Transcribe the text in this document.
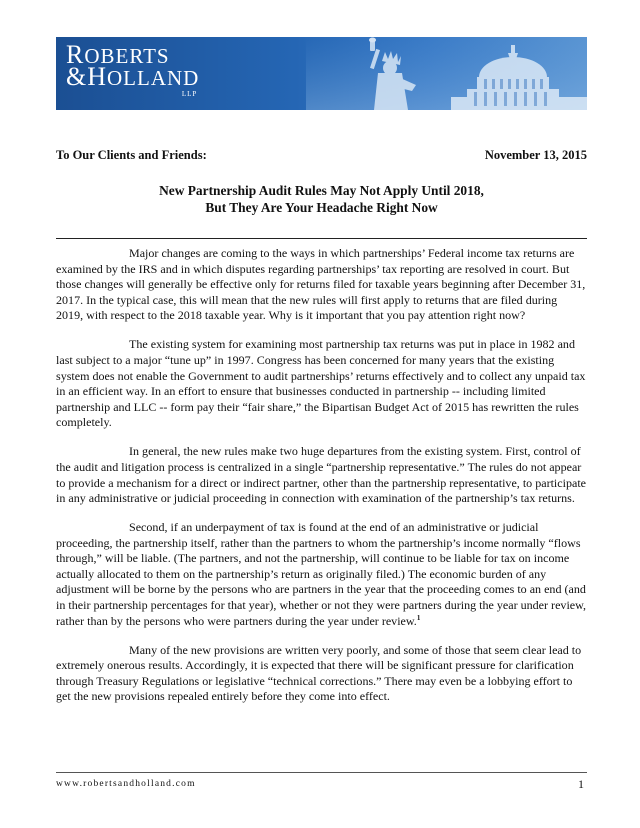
ROBERTS
&HOLLAND
LLP
To Our Clients and Friends:	November 13, 2015
New Partnership Audit Rules May Not Apply Until 2018,
But They Are Your Headache Right Now

Major changes are coming to the ways in which partnerships’ Federal income tax returns are examined by the IRS and in which disputes regarding partnerships’ tax reporting are resolved in court. But those changes will generally be effective only for returns filed for taxable years beginning after December 31, 2017. In the typical case, this will mean that the new rules will first apply to returns that are filed during 2019, with respect to the 2018 taxable year. Why is it important that you pay attention right now?

The existing system for examining most partnership tax returns was put in place in 1982 and last subject to a major “tune up” in 1997. Congress has been concerned for many years that the existing system does not enable the Government to audit partnerships’ returns effectively and to collect any unpaid tax in an efficient way. In an effort to ensure that businesses conducted in partnership -- including limited partnership and LLC -- form pay their “fair share,” the Bipartisan Budget Act of 2015 has rewritten the rules completely.

In general, the new rules make two huge departures from the existing system. First, control of the audit and litigation process is centralized in a single “partnership representative.” The rules do not appear to provide a mechanism for a direct or indirect partner, other than the partnership representative, to participate in any administrative or judicial proceeding in connection with examination of the partnership’s tax returns.

Second, if an underpayment of tax is found at the end of an administrative or judicial proceeding, the partnership itself, rather than the partners to whom the partnership’s income normally “flows through,” will be liable. (The partners, and not the partnership, will continue to be liable for tax on income actually allocated to them on the partnership’s return as originally filed.) The economic burden of any adjustment will be borne by the persons who are partners in the year that the proceeding comes to an end (and in their partnership percentages for that year), whether or not they were partners during the year under review, rather than by the persons who were partners during the year under review.$^1$

Many of the new provisions are written very poorly, and some of those that seem clear lead to extremely onerous results. Accordingly, it is expected that there will be significant pressure for clarification through Treasury Regulations or legislative “technical corrections.” There may even be a lobbying effort to get the new provisions repealed entirely before they come into effect.

www.robertsandholland.com	1
